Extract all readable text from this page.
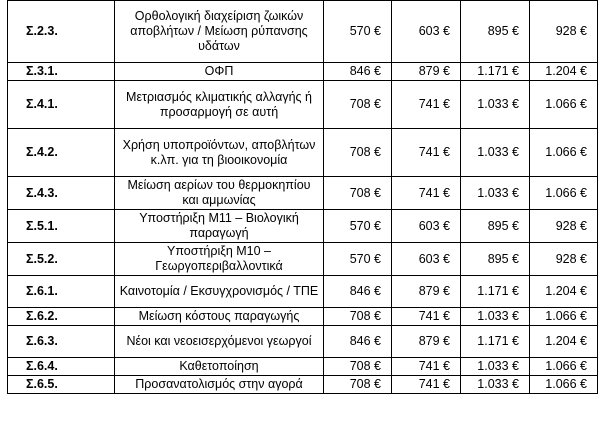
Σ.2.3.	Ορθολογική διαχείριση ζωικών αποβλήτων / Μείωση ρύπανσης υδάτων	570 €	603 €	895 €	928 €
Σ.3.1.	ΟΦΠ	846 €	879 €	1.171 €	1.204 €
Σ.4.1.	Μετριασμός κλιματικής αλλαγής ή προσαρμογή σε αυτή	708 €	741 €	1.033 €	1.066 €
Σ.4.2.	Χρήση υποπροϊόντων, αποβλήτων κ.λπ. για τη βιοοικονομία	708 €	741 €	1.033 €	1.066 €
Σ.4.3.	Μείωση αερίων του θερμοκηπίου και αμμωνίας	708 €	741 €	1.033 €	1.066 €
Σ.5.1.	Υποστήριξη Μ11 – Βιολογική παραγωγή	570 €	603 €	895 €	928 €
Σ.5.2.	Υποστήριξη Μ10 – Γεωργοπεριβαλλοντικά	570 €	603 €	895 €	928 €
Σ.6.1.	Καινοτομία / Εκσυγχρονισμός / ΤΠΕ	846 €	879 €	1.171 €	1.204 €
Σ.6.2.	Μείωση κόστους παραγωγής	708 €	741 €	1.033 €	1.066 €
Σ.6.3.	Νέοι και νεοεισερχόμενοι γεωργοί	846 €	879 €	1.171 €	1.204 €
Σ.6.4.	Καθετοποίηση	708 €	741 €	1.033 €	1.066 €
Σ.6.5.	Προσανατολισμός στην αγορά	708 €	741 €	1.033 €	1.066 €
